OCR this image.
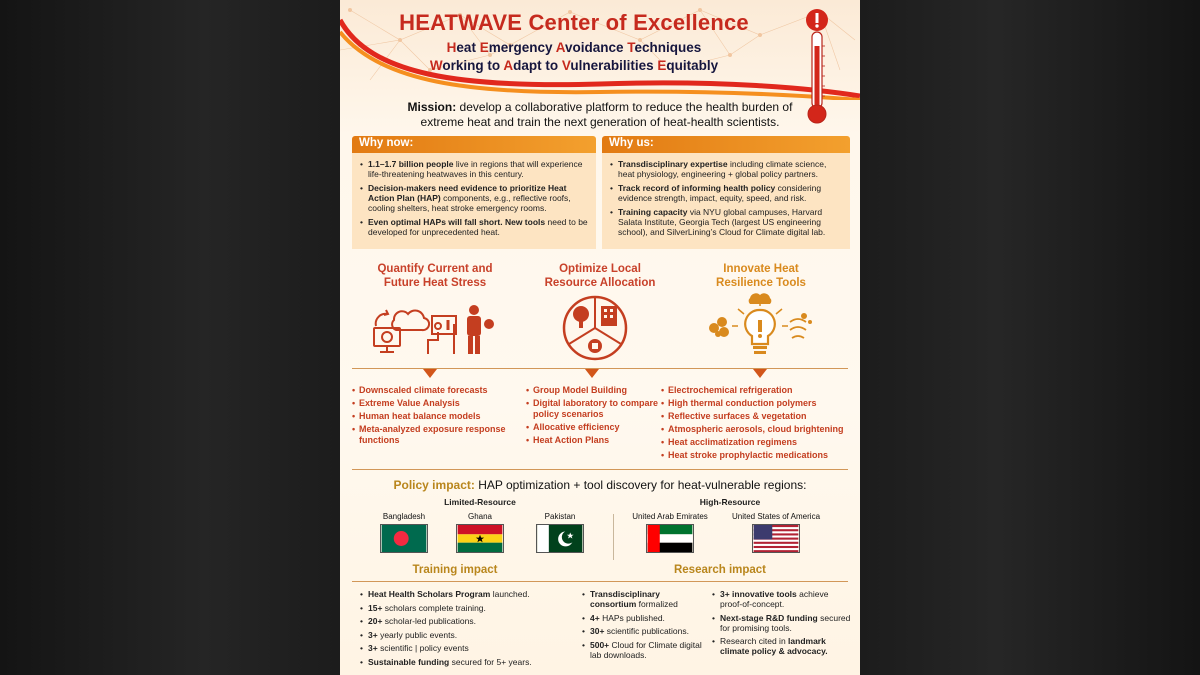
HEATWAVE Center of Excellence
Heat Emergency Avoidance Techniques
Working to Adapt to Vulnerabilities Equitably
Mission: develop a collaborative platform to reduce the health burden of extreme heat and train the next generation of heat-health scientists.
Why now:
• 1.1–1.7 billion people live in regions that will experience life-threatening heatwaves in this century.
• Decision-makers need evidence to prioritize Heat Action Plan (HAP) components, e.g., reflective roofs, cooling shelters, heat stroke emergency rooms.
• Even optimal HAPs will fall short. New tools need to be developed for unprecedented heat.
Why us:
• Transdisciplinary expertise including climate science, heat physiology, engineering + global policy partners.
• Track record of informing health policy considering evidence strength, impact, equity, speed, and risk.
• Training capacity via NYU global campuses, Harvard Salata Institute, Georgia Tech (largest US engineering school), and SilverLining’s Cloud for Climate digital lab.
Quantify Current and
Future Heat Stress
Optimize Local
Resource Allocation
Innovate Heat
Resilience Tools
• Downscaled climate forecasts
• Extreme Value Analysis
• Human heat balance models
• Meta-analyzed exposure response functions
• Group Model Building
• Digital laboratory to compare policy scenarios
• Allocative efficiency
• Heat Action Plans
• Electrochemical refrigeration
• High thermal conduction polymers
• Reflective surfaces & vegetation
• Atmospheric aerosols, cloud brightening
• Heat acclimatization regimens
• Heat stroke prophylactic medications
Policy impact: HAP optimization + tool discovery for heat-vulnerable regions:
Limited-Resource	High-Resource
Bangladesh	Ghana	Pakistan	United Arab Emirates	United States of America
Training impact
• Heat Health Scholars Program launched.
• 15+ scholars complete training.
• 20+ scholar-led publications.
• 3+ yearly public events.
• 3+ scientific | policy events
• Sustainable funding secured for 5+ years.
Research impact
• Transdisciplinary consortium formalized
• 4+ HAPs published.
• 30+ scientific publications.
• 500+ Cloud for Climate digital lab downloads.
• 3+ innovative tools achieve proof-of-concept.
• Next-stage R&D funding secured for promising tools.
• Research cited in landmark climate policy & advocacy.
